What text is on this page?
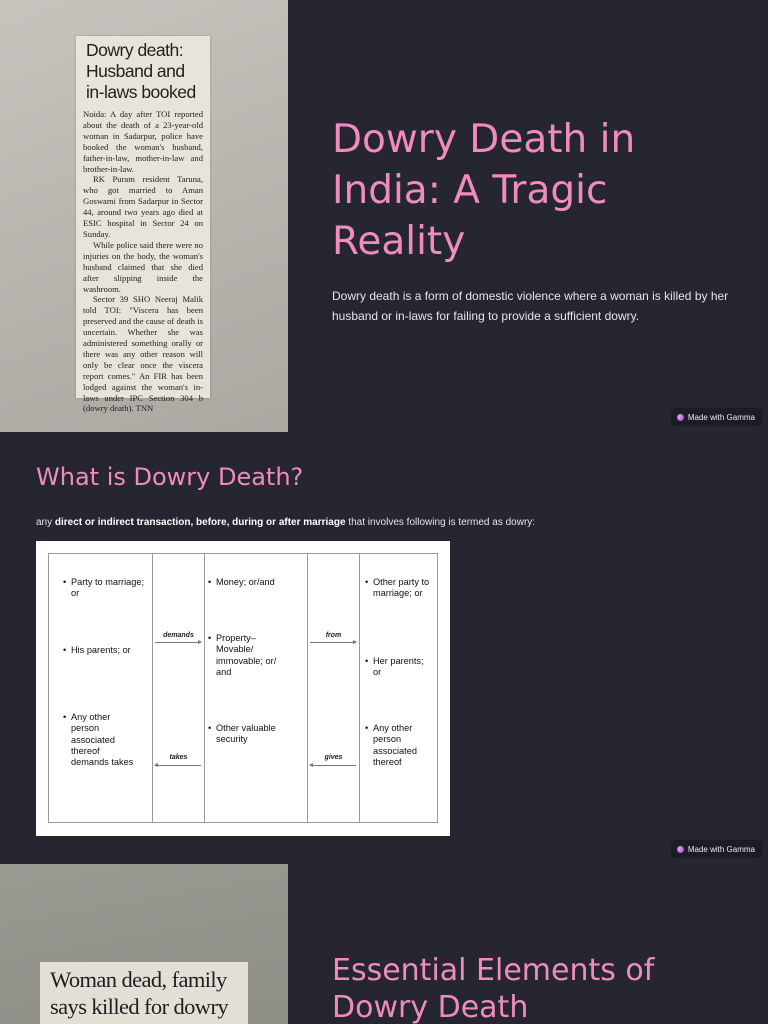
Dowry death: Husband and in-laws booked

Noida: A day after TOI reported about the death of a 23-year-old woman in Sadarpur, police have booked the woman's husband, father-in-law, mother-in-law and brother-in-law.

RK Puram resident Taruna, who got married to Aman Goswami from Sadarpur in Sector 44, around two years ago died at ESIC hospital in Sector 24 on Sunday.

While police said there were no injuries on the body, the woman's husband claimed that she died after slipping inside the washroom.

Sector 39 SHO Neeraj Malik told TOI: "Viscera has been preserved and the cause of death is uncertain. Whether she was administered something orally or there was any other reason will only be clear once the viscera report comes." An FIR has been lodged against the woman's in-laws under IPC Section 304 b (dowry death). TNN

Dowry Death in India: A Tragic Reality

Dowry death is a form of domestic violence where a woman is killed by her husband or in-laws for failing to provide a sufficient dowry.

Made with Gamma
What is Dowry Death?

any direct or indirect transaction, before, during or after marriage that involves following is termed as dowry:

• Party to marriage; or
• His parents; or
• Any other person associated thereof demands takes
demands
takes
• Money; or/and
• Property– Movable/ immovable; or/ and
• Other valuable security
from
gives
• Other party to marriage; or
• Her parents; or
• Any other person associated thereof
Made with Gamma
Woman dead, family says killed for dowry
Essential Elements of Dowry Death
